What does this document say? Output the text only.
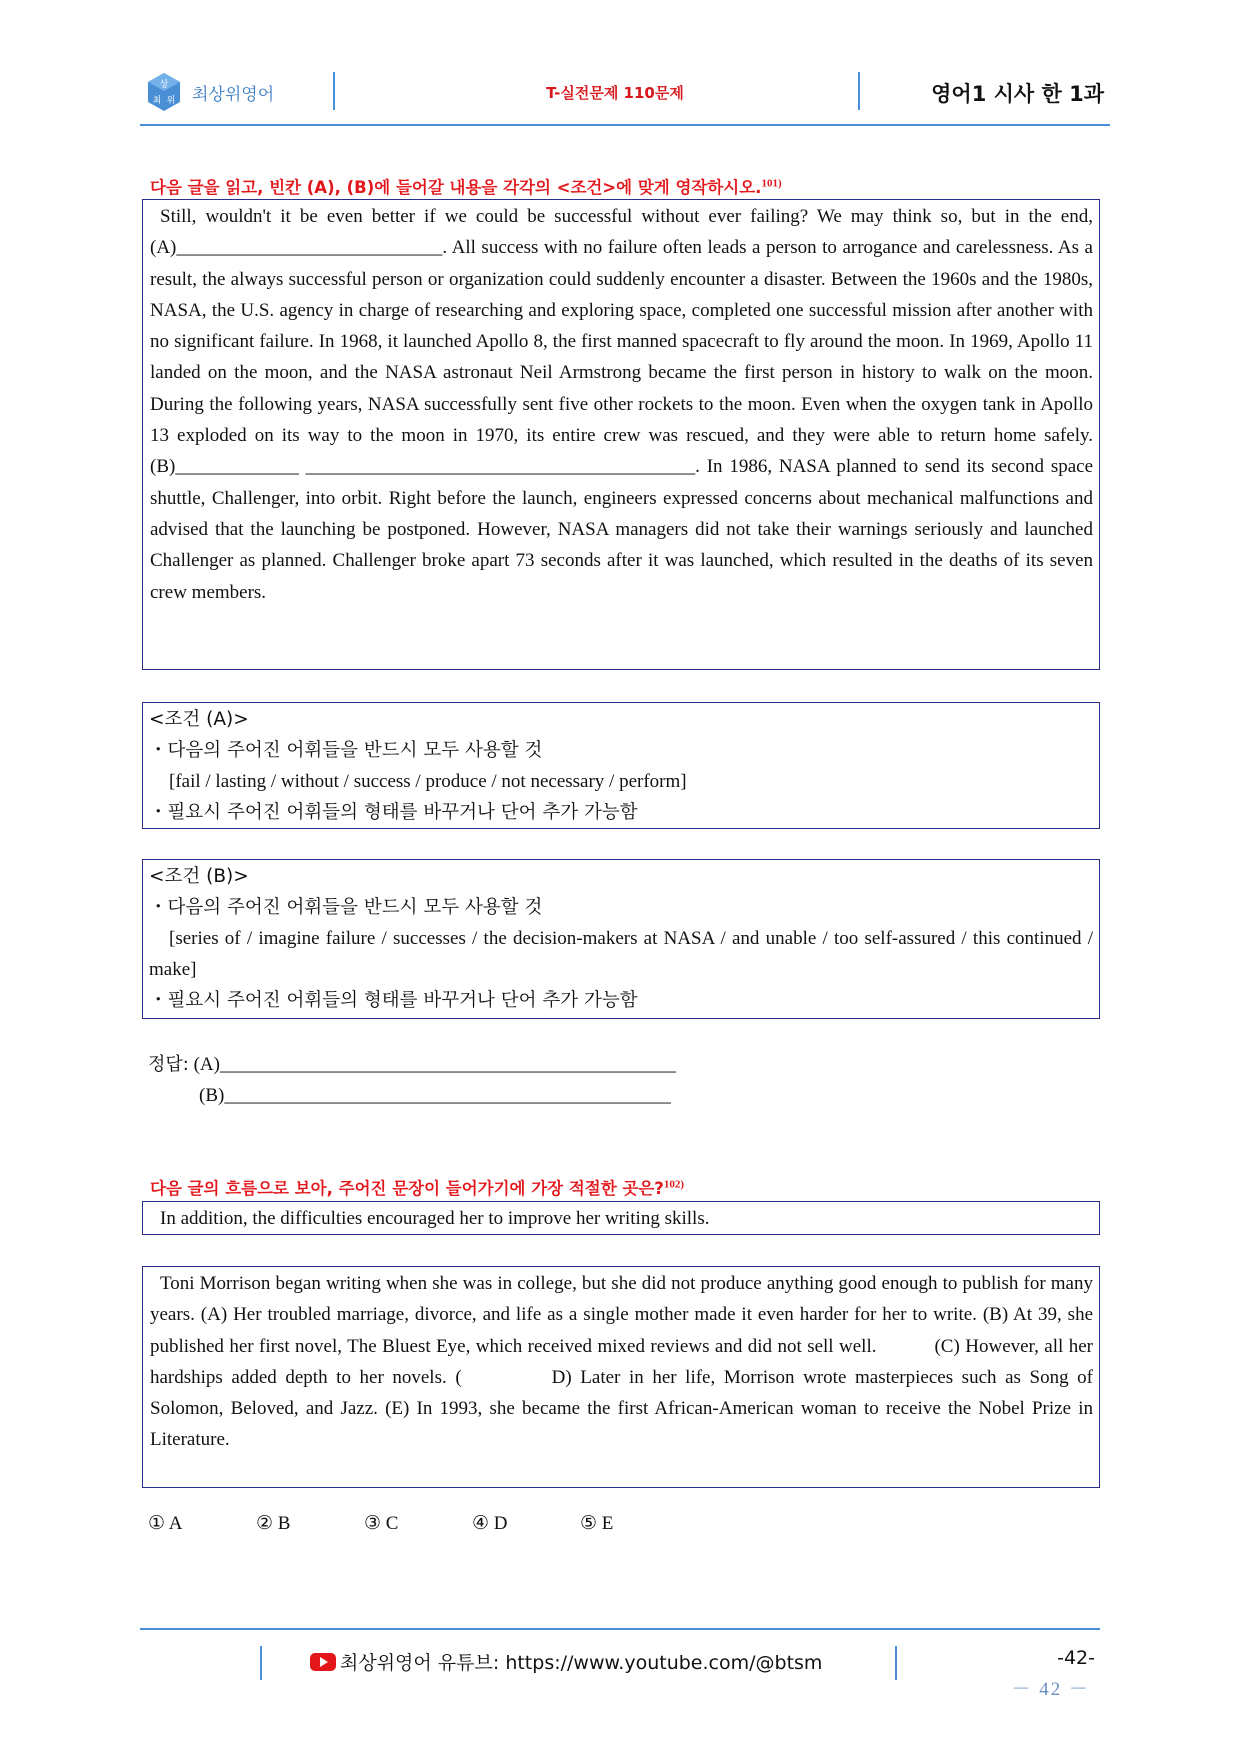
상
최 위 최상위영어	T-실전문제 110문제	영어1 시사 한 1과
다음 글을 읽고, 빈칸 (A), (B)에 들어갈 내용을 각각의 <조건>에 맞게 영작하시오.$^{101)}$

Still, wouldn't it be even better if we could be successful without ever failing? We may think so, but in the end, (A)____________________________. All success with no failure often leads a person to arrogance and carelessness. As a result, the always successful person or organization could suddenly encounter a disaster. Between the 1960s and the 1980s, NASA, the U.S. agency in charge of researching and exploring space, completed one successful mission after another with no significant failure. In 1968, it launched Apollo 8, the first manned spacecraft to fly around the moon. In 1969, Apollo 11 landed on the moon, and the NASA astronaut Neil Armstrong became the first person in history to walk on the moon. During the following years, NASA successfully sent five other rockets to the moon. Even when the oxygen tank in Apollo 13 exploded on its way to the moon in 1970, its entire crew was rescued, and they were able to return home safely. (B)_____________ _________________________________________. In 1986, NASA planned to send its second space shuttle, Challenger, into orbit. Right before the launch, engineers expressed concerns about mechanical malfunctions and advised that the launching be postponed. However, NASA managers did not take their warnings seriously and launched Challenger as planned. Challenger broke apart 73 seconds after it was launched, which resulted in the deaths of its seven crew members.

<조건 (A)>
・다음의 주어진 어휘들을 반드시 모두 사용할 것
[fail / lasting / without / success / produce / not necessary / perform]
・필요시 주어진 어휘들의 형태를 바꾸거나 단어 추가 가능함
<조건 (B)>
・다음의 주어진 어휘들을 반드시 모두 사용할 것
[series of / imagine failure / successes / the decision-makers at NASA / and unable / too self-assured / this continued / make]
・필요시 주어진 어휘들의 형태를 바꾸거나 단어 추가 가능함
정답: (A)________________________________________________
(B)_______________________________________________
다음 글의 흐름으로 보아, 주어진 문장이 들어가기에 가장 적절한 곳은?$^{102)}$

In addition, the difficulties encouraged her to improve her writing skills.

Toni Morrison began writing when she was in college, but she did not produce anything good enough to publish for many years. (A) Her troubled marriage, divorce, and life as a single mother made it even harder for her to write. (B) At 39, she published her first novel, The Bluest Eye, which received mixed reviews and did not sell well.	(C) However, all her hardships added depth to her novels. (	D) Later in her life, Morrison wrote masterpieces such as Song of Solomon, Beloved, and Jazz. (E) In 1993, she became the first African-American woman to receive the Nobel Prize in Literature.

① A	② B	③ C	④ D	⑤ E
최상위영어 유튜브: https://www.youtube.com/@btsm	-42-
－ 42 －
